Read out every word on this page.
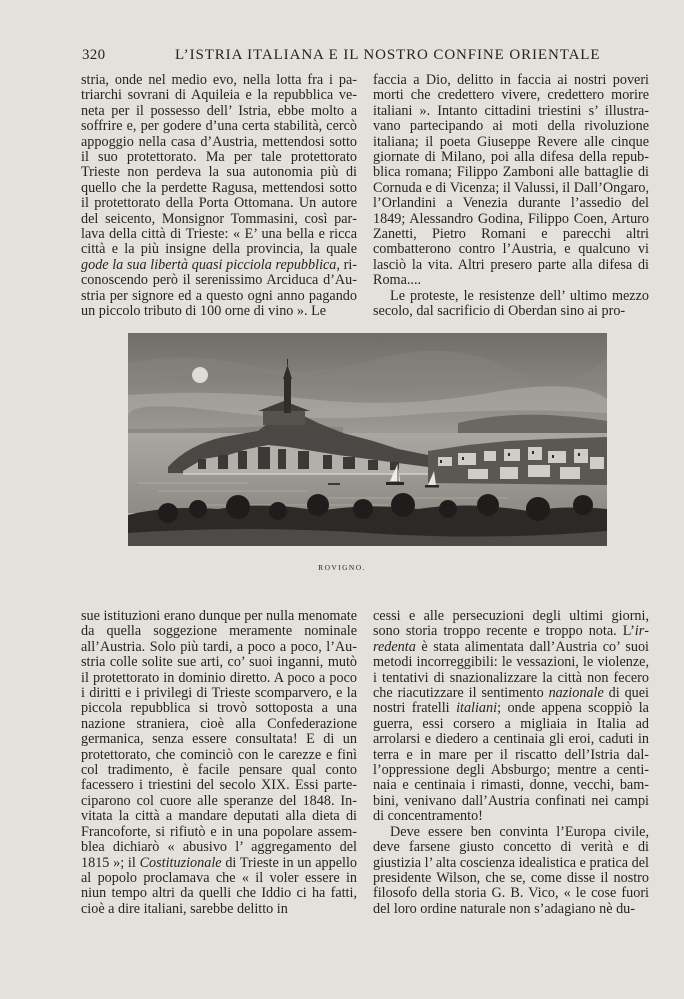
320	L’ISTRIA ITALIANA E IL NOSTRO CONFINE ORIENTALE

stria, onde nel medio evo, nella lotta fra i patriarchi sovrani di Aquileia e la repubblica veneta per il possesso dell’ Istria, ebbe molto a soffrire e, per godere d’una certa stabilità, cercò appoggio nella casa d’Austria, mettendosi sotto il suo protettorato. Ma per tale protettorato Trieste non perdeva la sua autonomia più di quello che la perdette Ragusa, mettendosi sotto il protettorato della Porta Ottomana. Un autore del seicento, Monsignor Tommasini, così parlava della città di Trieste: « E’ una bella e ricca città e la più insigne della provincia, la quale gode la sua libertà quasi picciola repubblica, riconoscendo però il serenissimo Arciduca d’Austria per signore ed a questo ogni anno pagando un piccolo tributo di 100 orne di vino ». Le

faccia a Dio, delitto in faccia ai nostri poveri morti che credettero vivere, credettero morire italiani ». Intanto cittadini triestini s’ illustravano partecipando ai moti della rivoluzione italiana; il poeta Giuseppe Revere alle cinque giornate di Milano, poi alla difesa della repubblica romana; Filippo Zamboni alle battaglie di Cornuda e di Vicenza; il Valussi, il Dall’Ongaro, l’Orlandini a Venezia durante l’assedio del 1849; Alessandro Godina, Filippo Coen, Arturo Zanetti, Pietro Romani e parecchi altri combatterono contro l’Austria, e qualcuno vi lasciò la vita. Altri presero parte alla difesa di Roma....

Le proteste, le resistenze dell’ ultimo mezzo secolo, dal sacrificio di Oberdan sino ai pro-

ROVIGNO.

sue istituzioni erano dunque per nulla menomate da quella soggezione meramente nominale all’Austria. Solo più tardi, a poco a poco, l’Austria colle solite sue arti, co’ suoi inganni, mutò il protettorato in dominio diretto. A poco a poco i diritti e i privilegi di Trieste scomparvero, e la piccola repubblica si trovò sottoposta a una nazione straniera, cioè alla Confederazione germanica, senza essere consultata! E di un protettorato, che cominciò con le carezze e finì col tradimento, è facile pensare qual conto facessero i triestini del secolo XIX. Essi parteciparono col cuore alle speranze del 1848. Invitata la città a mandare deputati alla dieta di Francoforte, si rifiutò e in una popolare assemblea dichiarò « abusivo l’ aggregamento del 1815 »; il Costituzionale di Trieste in un appello al popolo proclamava che « il voler essere in niun tempo altri da quelli che Iddio ci ha fatti, cioè a dire italiani, sarebbe delitto in

cessi e alle persecuzioni degli ultimi giorni, sono storia troppo recente e troppo nota. L’irredenta è stata alimentata dall’Austria co’ suoi metodi incorreggibili: le vessazioni, le violenze, i tentativi di snazionalizzare la città non fecero che riacutizzare il sentimento nazionale di quei nostri fratelli italiani; onde appena scoppiò la guerra, essi corsero a migliaia in Italia ad arrolarsi e diedero a centinaia gli eroi, caduti in terra e in mare per il riscatto dell’Istria dall’oppressione degli Absburgo; mentre a centinaia e centinaia i rimasti, donne, vecchi, bambini, venivano dall’Austria confinati nei campi di concentramento!

Deve essere ben convinta l’Europa civile, deve farsene giusto concetto di verità e di giustizia l’ alta coscienza idealistica e pratica del presidente Wilson, che se, come disse il nostro filosofo della storia G. B. Vico, « le cose fuori del loro ordine naturale non s’adagiano nè du-
